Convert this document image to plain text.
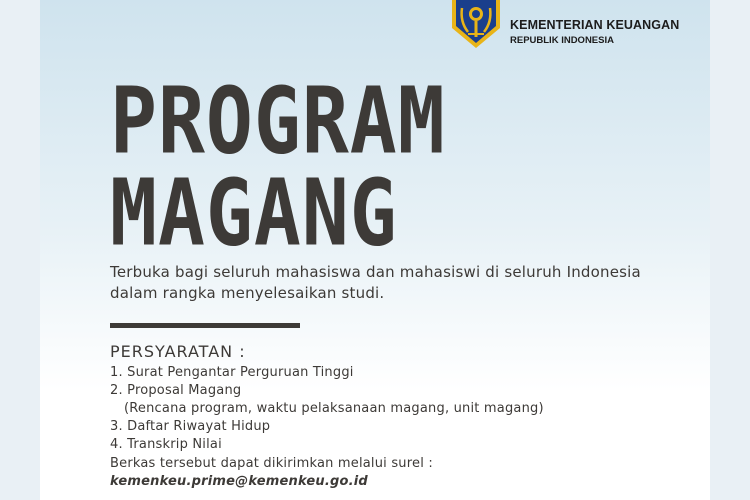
KEMENTERIAN KEUANGAN
REPUBLIK INDONESIA
PROGRAM
MAGANG
Terbuka bagi seluruh mahasiswa dan mahasiswi di seluruh Indonesia dalam rangka menyelesaikan studi.
PERSYARATAN :
1. Surat Pengantar Perguruan Tinggi
2. Proposal Magang
(Rencana program, waktu pelaksanaan magang, unit magang)
3. Daftar Riwayat Hidup
4. Transkrip Nilai
Berkas tersebut dapat dikirimkan melalui surel :
kemenkeu.prime@kemenkeu.go.id
